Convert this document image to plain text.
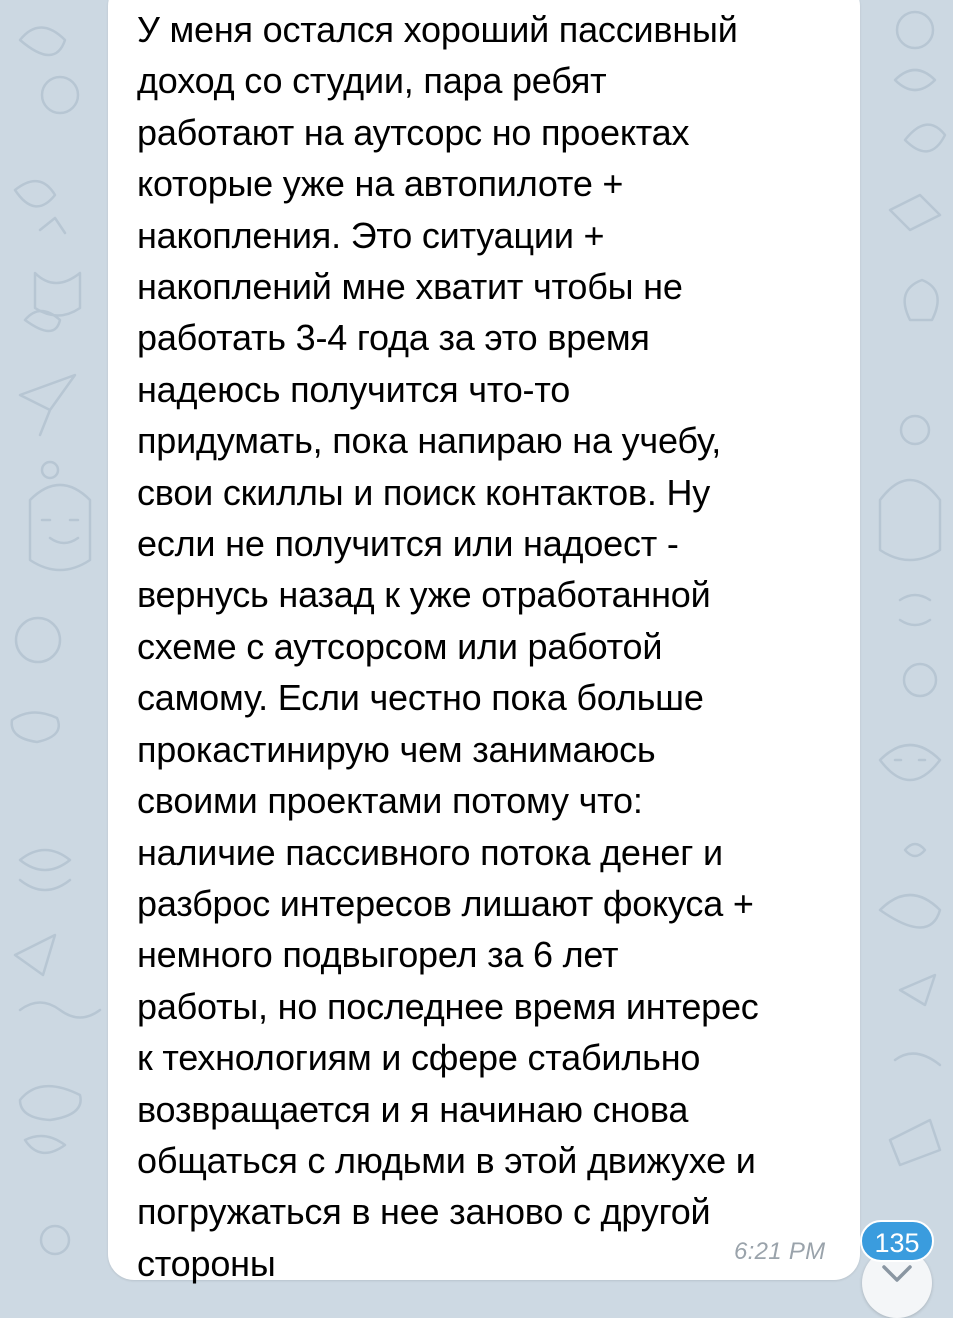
У меня остался хороший пассивный
доход со студии, пара ребят
работают на аутсорс но проектах
которые уже на автопилоте +
накопления. Это ситуации +
накоплений мне хватит чтобы не
работать 3-4 года за это время
надеюсь получится что-то
придумать, пока напираю на учебу,
свои скиллы и поиск контактов. Ну
если не получится или надоест -
вернусь назад к уже отработанной
схеме с аутсорсом или работой
самому. Если честно пока больше
прокастинирую чем занимаюсь
своими проектами потому что:
наличие пассивного потока денег и
разброс интересов лишают фокуса +
немного подвыгорел за 6 лет
работы, но последнее время интерес
к технологиям и сфере стабильно
возвращается и я начинаю снова
общаться с людьми в этой движухе и
погружаться в нее заново с другой
стороны	6:21 PM	135
